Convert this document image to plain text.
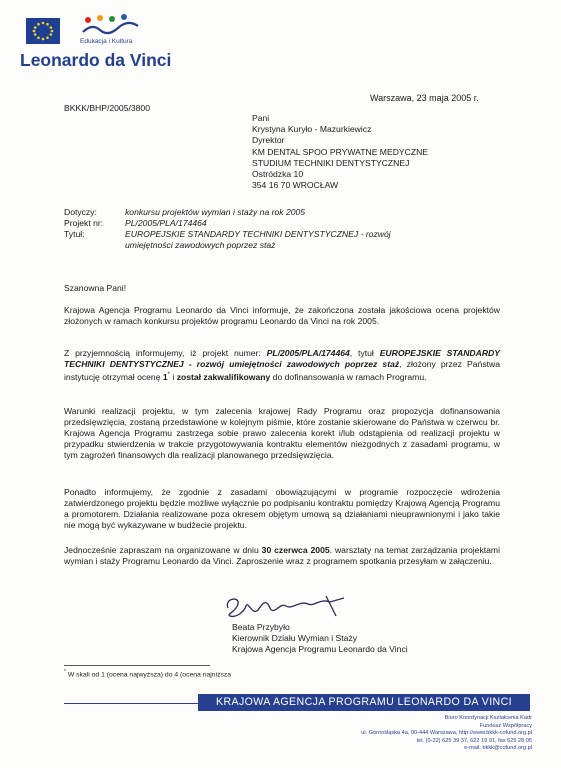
Edukacja i Kultura
Leonardo da Vinci
Warszawa, 23 maja 2005 r.
BKKK/BHP/2005/3800
Pani
Krystyna Kuryło - Mazurkiewicz
Dyrektor
KM DENTAL SPOO PRYWATNE MEDYCZNE
STUDIUM TECHNIKI DENTYSTYCZNEJ
Ostródzka 10
354 16 70 WROCŁAW
Dotyczy:	konkursu projektów wymian i staży na rok 2005
Projekt nr:	PL/2005/PLA/174464
Tytuł:	EUROPEJSKIE STANDARDY TECHNIKI DENTYSTYCZNEJ - rozwój
umiejętności zawodowych poprzez staż
Szanowna Pani!
Krajowa Agencja Programu Leonardo da Vinci informuje, że zakończona została jakościowa ocena projektów złożonych w ramach konkursu projektów programu Leonardo da Vinci na rok 2005.
Z przyjemnością informujemy, iż projekt numer: PL/2005/PLA/174464, tytuł EUROPEJSKIE STANDARDY TECHNIKI DENTYSTYCZNEJ - rozwój umiejętności zawodowych poprzez staż, złożony przez Państwa instytucję otrzymał ocenę 1* i został zakwalifikowany do dofinansowania w ramach Programu.
Warunki realizacji projektu, w tym zalecenia krajowej Rady Programu oraz propozycja dofinansowania przedsięwzięcia, zostaną przedstawione w kolejnym piśmie, które zostanie skierowane do Państwa w czerwcu br. Krajowa Agencja Programu zastrzega sobie prawo zalecenia korekt i/lub odstąpienia od realizacji projektu w przypadku stwierdzenia w trakcie przygotowywania kontraktu elementów niezgodnych z zasadami programu, w tym zagrożeń finansowych dla realizacji planowanego przedsięwzięcia.
Ponadto informujemy, że zgodnie z zasadami obowiązującymi w programie rozpoczęcie wdrożenia zatwierdzonego projektu będzie możliwe wyłącznie po podpisaniu kontraktu pomiędzy Krajową Agencją Programu a promotorem. Działania realizowane poza okresem objętym umową są działaniami nieuprawnionymi i jako takie nie mogą być wykazywane w budżecie projektu.
Jednocześnie zapraszam na organizowane w dniu 30 czerwca 2005. warsztaty na temat zarządzania projektami wymian i staży Programu Leonardo da Vinci. Zaproszenie wraz z programem spotkania przesyłam w załączeniu.
Beata Przybyło
Kierownik Działu Wymian i Staży
Krajowa Agencja Programu Leonardo da Vinci
* W skali od 1 (ocena najwyższa) do 4 (ocena najniższa
KRAJOWA AGENCJA PROGRAMU LEONARDO DA VINCI
Biuro Koordynacji Kształcenia Kadr
Fundusz Współpracy
ul. Górnośląska 4a, 00-444 Warszawa, http://www.bkkk-cofund.org.pl
tel. (0-22) 625 39 37, 622 19 91, fax 625 28 05
e-mail: bkkk@cofund.org.pl
